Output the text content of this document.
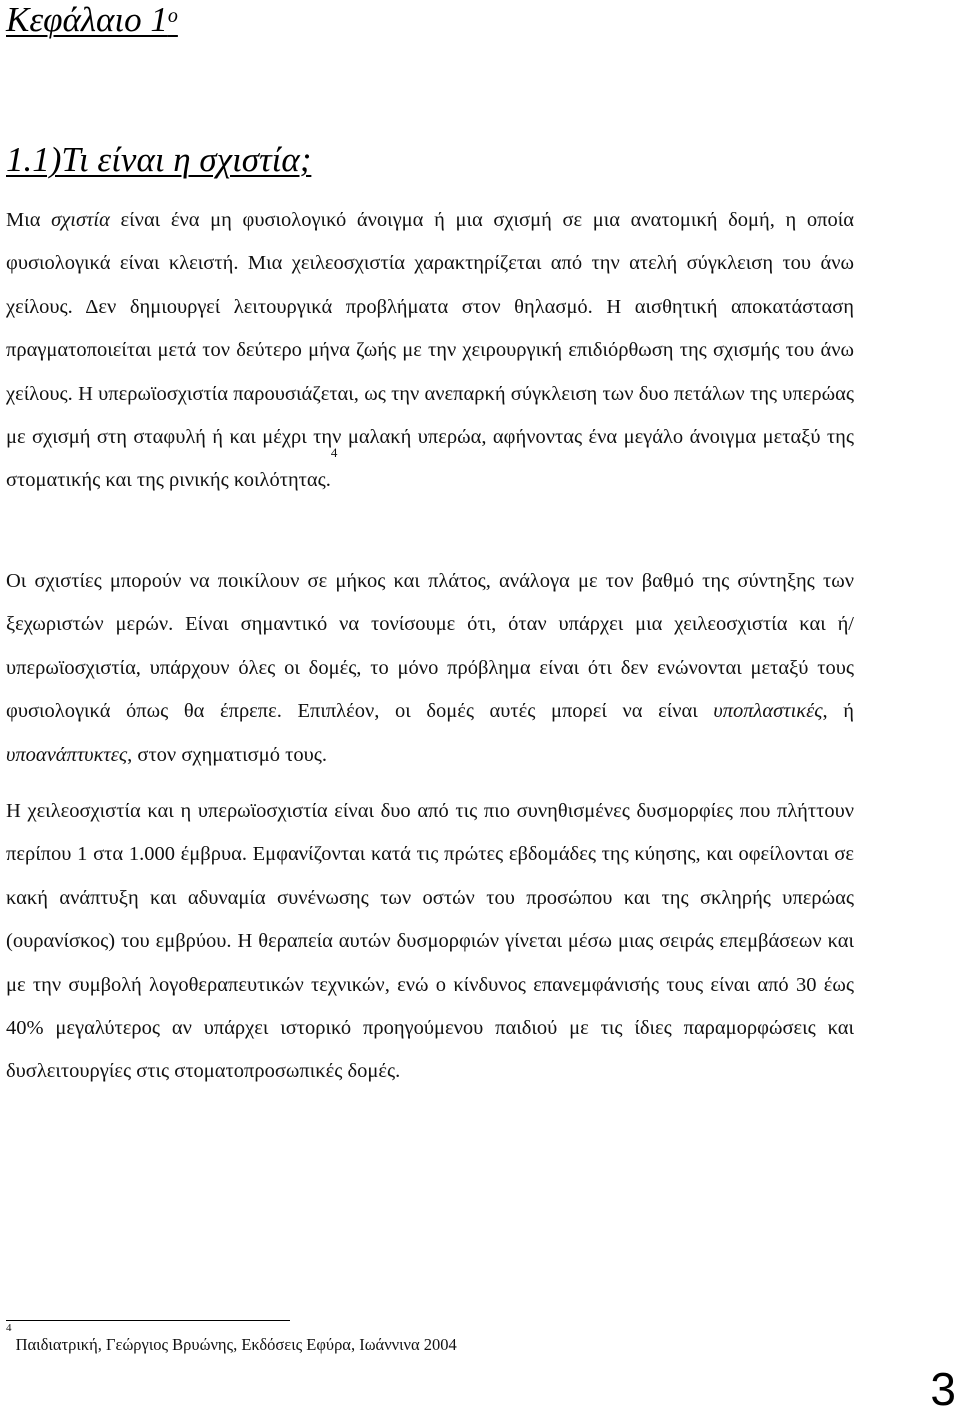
Κεφάλαιο $1^o$
1.1)Τι είναι η σχιστία;

Μια σχιστία είναι ένα μη φυσιολογικό άνοιγμα ή μια σχισμή σε μια ανατομική δομή, η οποία φυσιολογικά είναι κλειστή. Μια χειλεοσχιστία χαρακτηρίζεται από την ατελή σύγκλειση του άνω χείλους. Δεν δημιουργεί λειτουργικά προβλήματα στον θηλασμό. Η αισθητική αποκατάσταση πραγματοποιείται μετά τον δεύτερο μήνα ζωής με την χειρουργική επιδιόρθωση της σχισμής του άνω χείλους. Η υπερωϊοσχιστία παρουσιάζεται, ως την ανεπαρκή σύγκλειση των δυο πετάλων της υπερώας με σχισμή στη σταφυλή ή και μέχρι την μαλακή υπερώα, αφήνοντας ένα μεγάλο άνοιγμα μεταξύ της στοματικής και της ρινικής κοιλότητας.$^4$

Οι σχιστίες μπορούν να ποικίλουν σε μήκος και πλάτος, ανάλογα με τον βαθμό της σύντηξης των ξεχωριστών μερών. Είναι σημαντικό να τονίσουμε ότι, όταν υπάρχει μια χειλεοσχιστία και ή/ υπερωϊοσχιστία, υπάρχουν όλες οι δομές, το μόνο πρόβλημα είναι ότι δεν ενώνονται μεταξύ τους φυσιολογικά όπως θα έπρεπε. Επιπλέον, οι δομές αυτές μπορεί να είναι υποπλαστικές, ή υποανάπτυκτες, στον σχηματισμό τους.

Η χειλεοσχιστία και η υπερωϊοσχιστία είναι δυο από τις πιο συνηθισμένες δυσμορφίες που πλήττουν περίπου 1 στα 1.000 έμβρυα. Εμφανίζονται κατά τις πρώτες εβδομάδες της κύησης, και οφείλονται σε κακή ανάπτυξη και αδυναμία συνένωσης των οστών του προσώπου και της σκληρής υπερώας (ουρανίσκος) του εμβρύου. Η θεραπεία αυτών δυσμορφιών γίνεται μέσω μιας σειράς επεμβάσεων και με την συμβολή λογοθεραπευτικών τεχνικών, ενώ ο κίνδυνος επανεμφάνισής τους είναι από 30 έως 40% μεγαλύτερος αν υπάρχει ιστορικό προηγούμενου παιδιού με τις ίδιες παραμορφώσεις και δυσλειτουργίες στις στοματοπροσωπικές δομές.

$^4$ Παιδιατρική, Γεώργιος Βρυώνης, Εκδόσεις Εφύρα, Ιωάννινα 2004

3
